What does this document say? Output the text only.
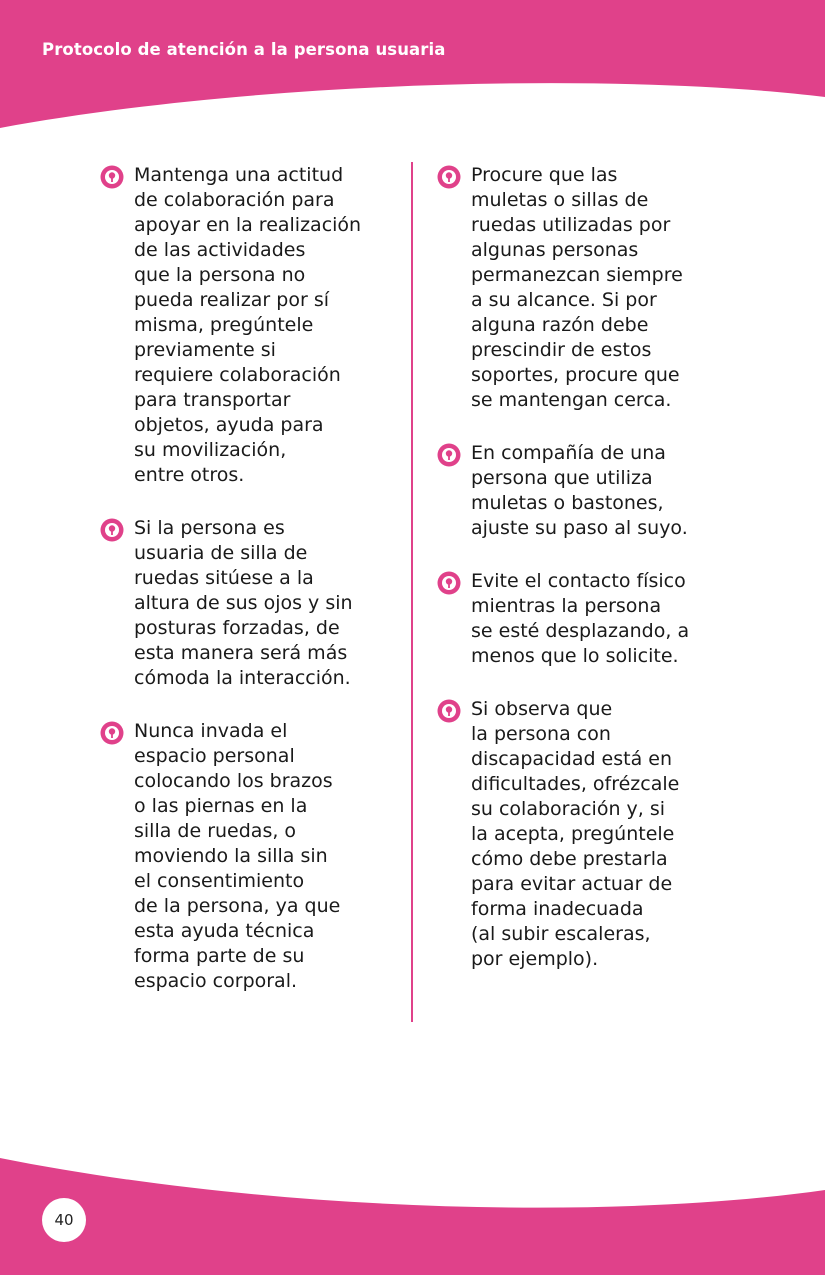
Protocolo de atención a la persona usuaria
Mantenga una actitud
de colaboración para
apoyar en la realización
de las actividades
que la persona no
pueda realizar por sí
misma, pregúntele
previamente si
requiere colaboración
para transportar
objetos, ayuda para
su movilización,
entre otros.
Si la persona es
usuaria de silla de
ruedas sitúese a la
altura de sus ojos y sin
posturas forzadas, de
esta manera será más
cómoda la interacción.
Nunca invada el
espacio personal
colocando los brazos
o las piernas en la
silla de ruedas, o
moviendo la silla sin
el consentimiento
de la persona, ya que
esta ayuda técnica
forma parte de su
espacio corporal.
Procure que las
muletas o sillas de
ruedas utilizadas por
algunas personas
permanezcan siempre
a su alcance. Si por
alguna razón debe
prescindir de estos
soportes, procure que
se mantengan cerca.
En compañía de una
persona que utiliza
muletas o bastones,
ajuste su paso al suyo.
Evite el contacto físico
mientras la persona
se esté desplazando, a
menos que lo solicite.
Si observa que
la persona con
discapacidad está en
dificultades, ofrézcale
su colaboración y, si
la acepta, pregúntele
cómo debe prestarla
para evitar actuar de
forma inadecuada
(al subir escaleras,
por ejemplo).
40
